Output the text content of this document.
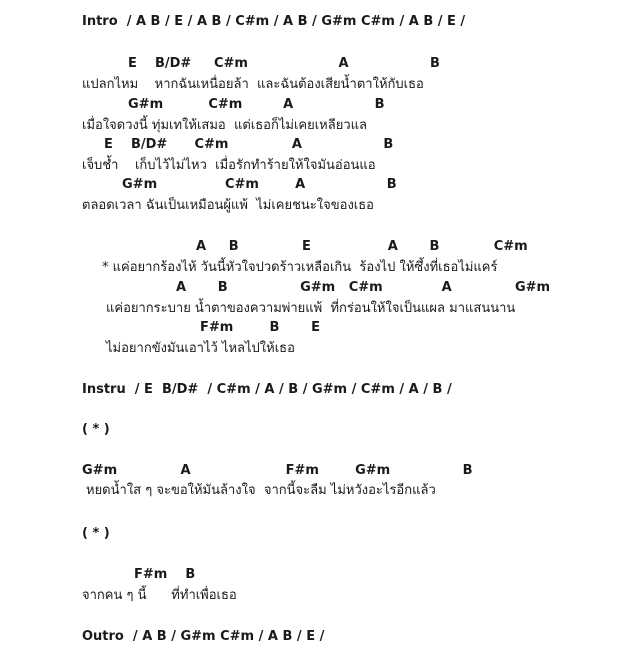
Intro  / A B / E / A B / C#m / A B / G#m C#m / A B / E /
E    B/D#     C#m                    A                  B
แปลกไหม    หากฉันเหนื่อยล้า  และฉันต้องเสียน้ำตาให้กับเธอ
G#m          C#m         A                  B
เมื่อใจดวงนี้ ทุ่มเทให้เสมอ  แต่เธอก็ไม่เคยเหลียวแล
E    B/D#      C#m              A                  B
เจ็บช้ำ    เก็บไว้ไม่ไหว  เมื่อรักทำร้ายให้ใจมันอ่อนแอ
G#m               C#m        A                  B
ตลอดเวลา ฉันเป็นเหมือนผู้แพ้  ไม่เคยชนะใจของเธอ
A     B              E                 A       B            C#m
* แค่อยากร้องไห้ วันนี้หัวใจปวดร้าวเหลือเกิน  ร้องไป ให้ซึ้งที่เธอไม่แคร์
A       B                G#m   C#m             A              G#m
แค่อยากระบาย น้ำตาของความพ่ายแพ้  ที่กร่อนให้ใจเป็นแผล มาแสนนาน
F#m        B       E
ไม่อยากขังมันเอาไว้ ไหลไปให้เธอ
Instru  / E  B/D#  / C#m / A / B / G#m / C#m / A / B /
( * )
G#m              A                     F#m        G#m                B
หยดน้ำใส ๆ จะขอให้มันล้างใจ  จากนี้จะลืม ไม่หวังอะไรอีกแล้ว
( * )
F#m    B
จากคน ๆ นี้      ที่ทำเพื่อเธอ
Outro  / A B / G#m C#m / A B / E /
